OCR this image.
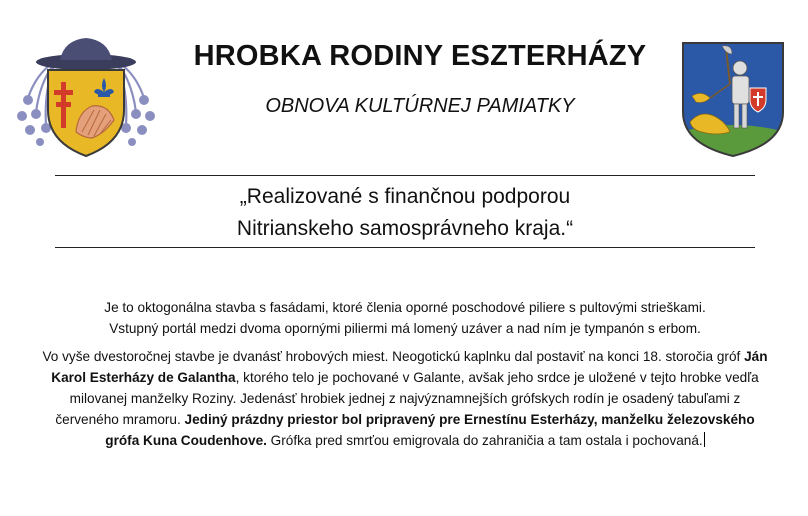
HROBKA RODINY ESZTERHÁZY
OBNOVA KULTÚRNEJ PAMIATKY
„Realizované s finančnou podporou
Nitrianskeho samosprávneho kraja.“

Je to oktogonálna stavba s fasádami, ktoré členia oporné poschodové piliere s pultovými strieškami.
Vstupný portál medzi dvoma opornými piliermi má lomený uzáver a nad ním je tympanón s erbom.

Vo vyše dvestoročnej stavbe je dvanásť hrobových miest. Neogotickú kaplnku dal postaviť na konci 18. storočia gróf Ján Karol Esterházy de Galantha, ktorého telo je pochované v Galante, avšak jeho srdce je uložené v tejto hrobke vedľa milovanej manželky Roziny. Jedenásť hrobiek jednej z najvýznamnejších grófskych rodín je osadený tabuľami z červeného mramoru. Jediný prázdny priestor bol pripravený pre Ernestínu Esterházy, manželku železovského grófa Kuna Coudenhove. Grófka pred smrťou emigrovala do zahraničia a tam ostala i pochovaná.
